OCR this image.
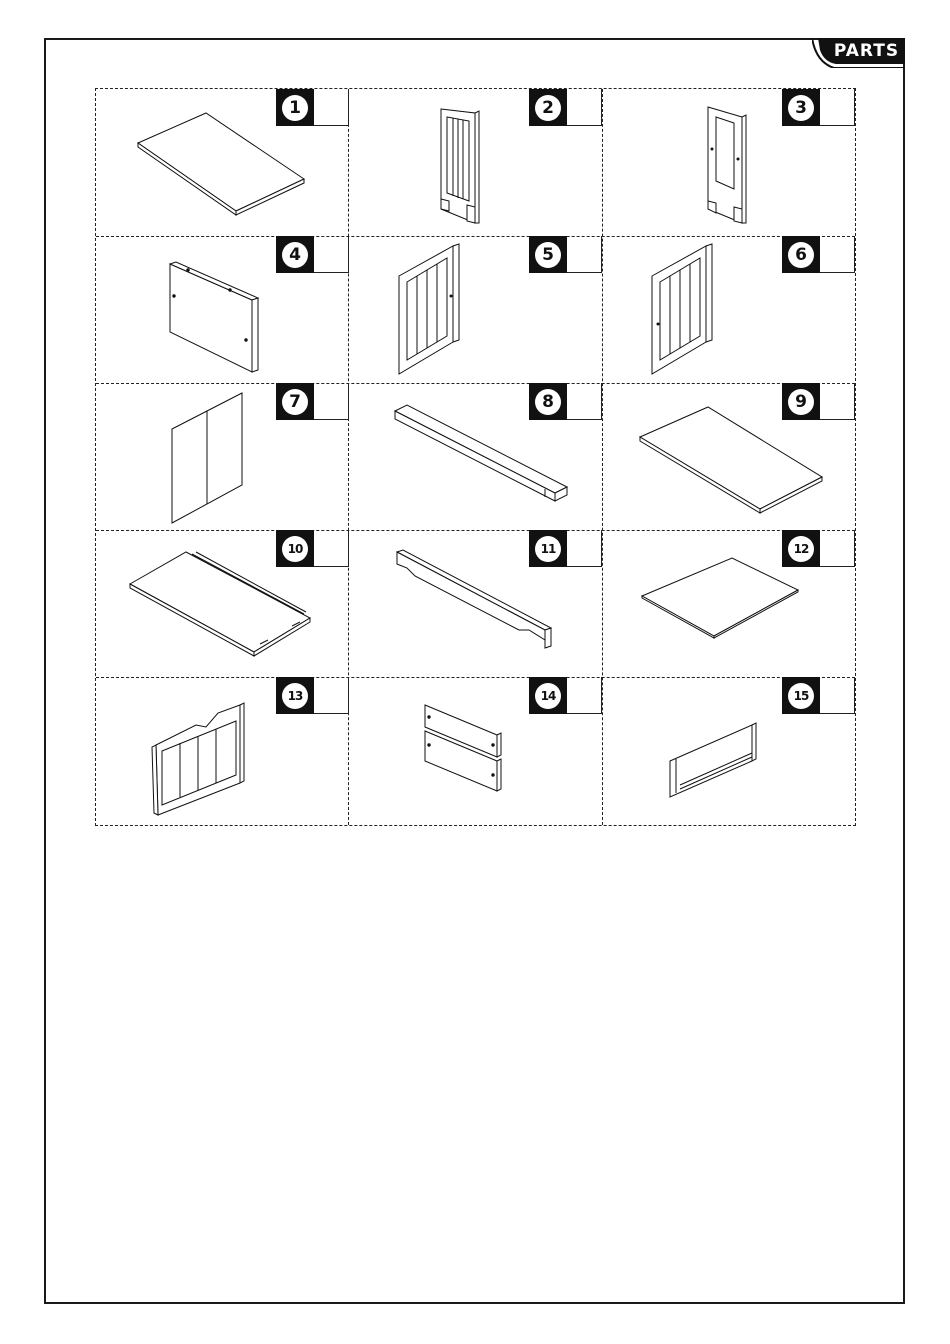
PARTS
1	2	3
4	5	6
7	8	9
10	11	12
13	14	15
